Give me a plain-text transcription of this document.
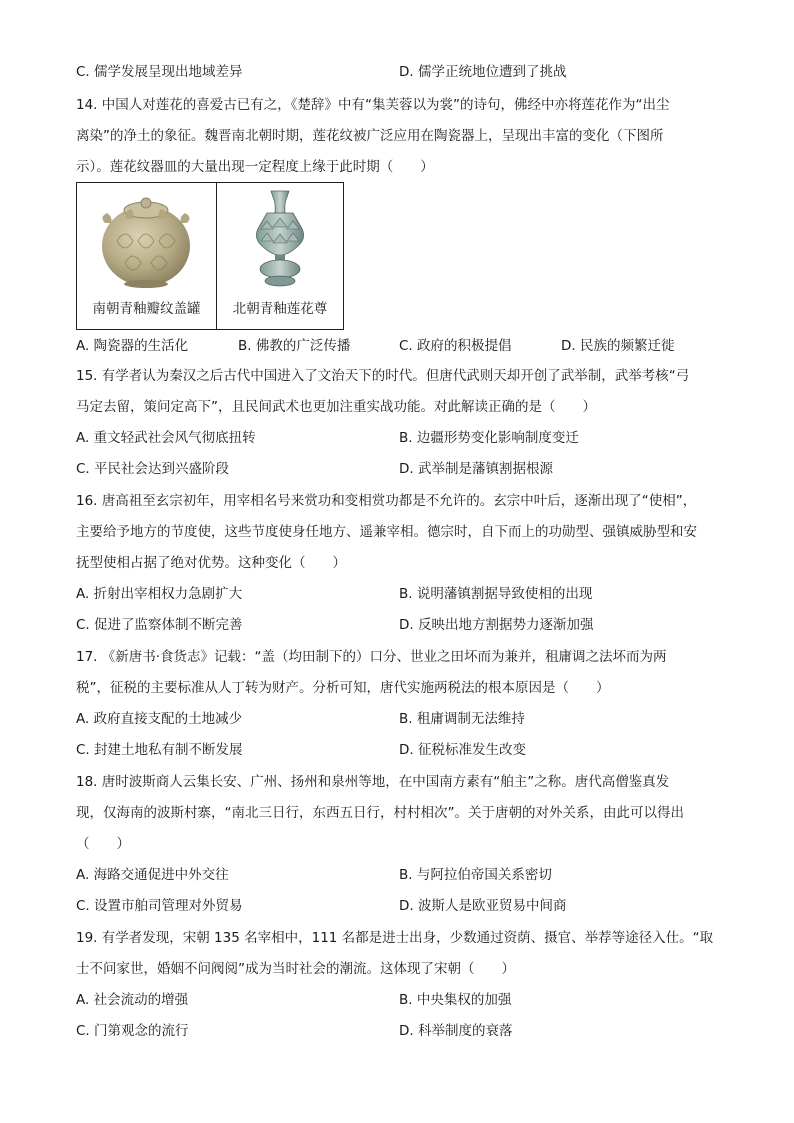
C. 儒学发展呈现出地域差异	D. 儒学正统地位遭到了挑战
14. 中国人对莲花的喜爱古已有之，《楚辞》中有“集芙蓉以为裳”的诗句，佛经中亦将莲花作为“出尘
离染”的净土的象征。魏晋南北朝时期，莲花纹被广泛应用在陶瓷器上，呈现出丰富的变化（下图所
示）。莲花纹器皿的大量出现一定程度上缘于此时期（　　）
南朝青釉瓣纹盖罐	北朝青釉莲花尊
A. 陶瓷器的生活化	B. 佛教的广泛传播	C. 政府的积极提倡	D. 民族的频繁迁徙
15. 有学者认为秦汉之后古代中国进入了文治天下的时代。但唐代武则天却开创了武举制，武举考核“弓
马定去留，策问定高下”，且民间武术也更加注重实战功能。对此解读正确的是（　　）
A. 重文轻武社会风气彻底扭转	B. 边疆形势变化影响制度变迁
C. 平民社会达到兴盛阶段	D. 武举制是藩镇割据根源
16. 唐高祖至玄宗初年，用宰相名号来赏功和变相赏功都是不允许的。玄宗中叶后，逐渐出现了“使相”，
主要给予地方的节度使，这些节度使身任地方、遥兼宰相。德宗时，自下而上的功勋型、强镇威胁型和安
抚型使相占据了绝对优势。这种变化（　　）
A. 折射出宰相权力急剧扩大	B. 说明藩镇割据导致使相的出现
C. 促进了监察体制不断完善	D. 反映出地方割据势力逐渐加强
17. 《新唐书·食货志》记载：“盖（均田制下的）口分、世业之田坏而为兼并，租庸调之法坏而为两
税”，征税的主要标准从人丁转为财产。分析可知，唐代实施两税法的根本原因是（　　）
A. 政府直接支配的土地减少	B. 租庸调制无法维持
C. 封建土地私有制不断发展	D. 征税标准发生改变
18. 唐时波斯商人云集长安、广州、扬州和泉州等地，在中国南方素有“舶主”之称。唐代高僧鉴真发
现，仅海南的波斯村寨，“南北三日行，东西五日行，村村相次”。关于唐朝的对外关系，由此可以得出
（　　）
A. 海路交通促进中外交往	B. 与阿拉伯帝国关系密切
C. 设置市舶司管理对外贸易	D. 波斯人是欧亚贸易中间商
19. 有学者发现，宋朝 135 名宰相中，111 名都是进士出身，少数通过资荫、摄官、举荐等途径入仕。“取
士不问家世，婚姻不问阀阅”成为当时社会的潮流。这体现了宋朝（　　）
A. 社会流动的增强	B. 中央集权的加强
C. 门第观念的流行	D. 科举制度的衰落
